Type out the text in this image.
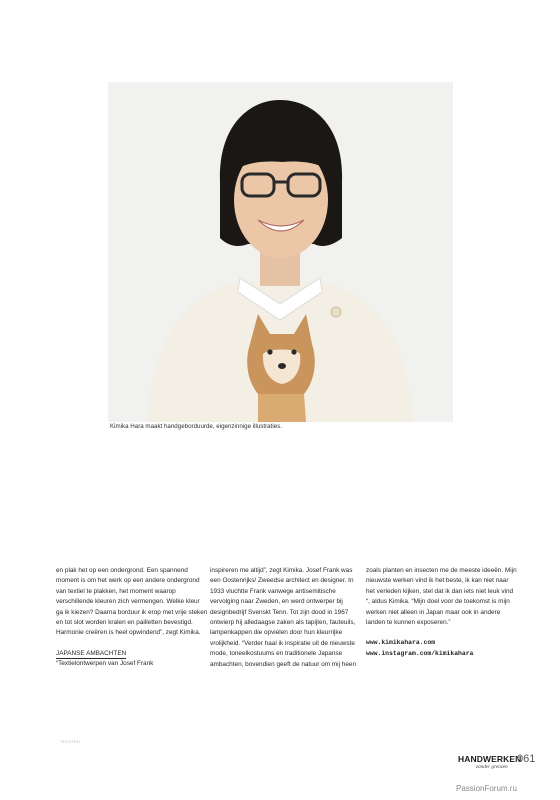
Kimika Hara maakt handgeborduurde, eigenzinnige illustraties.

en plak het op een ondergrond. Een spannend moment is om het werk op een andere ondergrond van textiel te plakken, het moment waarop verschillende kleuren zich vermengen. Welke kleur ga ik kiezen? Daarna borduur ik erop met vrije steken en tot slot worden kralen en pailletten bevestigd. Harmonie creëren is heel opwindend”, zegt Kimika.

JAPANSE AMBACHTEN

“Textielontwerpen van Josef Frank

inspireren me altijd”, zegt Kimika. Josef Frank was een Oostenrijks/ Zweedse architect en designer. In 1933 vluchtte Frank vanwege antisemitische vervolging naar Zweden, en werd ontwerper bij designbedrijf Svenskt Tenn. Tot zijn dood in 1967 ontwierp hij alledaagse zaken als tapijten, fauteuils, lampenkappen die opvielen door hun kleurrijke vrolijkheid. “Verder haal ik inspiratie uit de nieuwste mode, toneelkostuums en traditionele Japanse ambachten, bovendien geeft de natuur om mij heen

zoals planten en insecten me de meeste ideeën. Mijn nieuwste werken vind ik het beste, ik kan niet naar het verleden kijken, stel dat ik dan iets niet leuk vind “, aldus Kimika. “Mijn doel voor de toekomst is mijn werken niet alleen in Japan maar ook in andere landen te kunnen exposeren.”

www.kimikahara.com
www.instagram.com/kimikahara
TEKSTEN
HANDWERKEN
zonder grenzen
061
PassionForum.ru
